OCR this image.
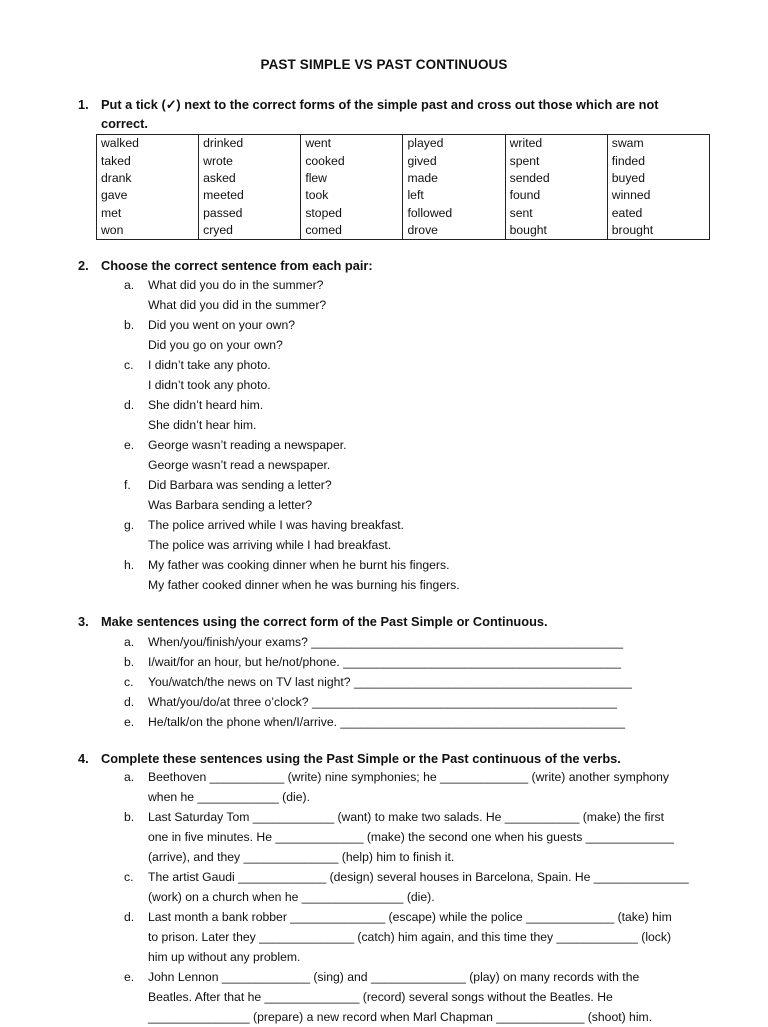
PAST SIMPLE VS PAST CONTINUOUS
1. Put a tick (✓) next to the correct forms of the simple past and cross out those which are not
correct.
walked	drinked	went	played	writed	swam
taked	wrote	cooked	gived	spent	finded
drank	asked	flew	made	sended	buyed
gave	meeted	took	left	found	winned
met	passed	stoped	followed	sent	eated
won	cryed	comed	drove	bought	brought
2. Choose the correct sentence from each pair:
a. What did you do in the summer?
What did you did in the summer?
b. Did you went on your own?
Did you go on your own?
c. I didn’t take any photo.
I didn’t took any photo.
d. She didn’t heard him.
She didn’t hear him.
e. George wasn’t reading a newspaper.
George wasn’t read a newspaper.
f. Did Barbara was sending a letter?
Was Barbara sending a letter?
g. The police arrived while I was having breakfast.
The police was arriving while I had breakfast.
h. My father was cooking dinner when he burnt his fingers.
My father cooked dinner when he was burning his fingers.
3. Make sentences using the correct form of the Past Simple or Continuous.
a. When/you/finish/your exams? ______________________________________________
b. I/wait/for an hour, but he/not/phone. _________________________________________
c. You/watch/the news on TV last night? _________________________________________
d. What/you/do/at three o’clock? _____________________________________________
e. He/talk/on the phone when/I/arrive. __________________________________________
4. Complete these sentences using the Past Simple or the Past continuous of the verbs.
a. Beethoven ___________ (write) nine symphonies; he _____________ (write) another symphony
when he ____________ (die).
b. Last Saturday Tom ____________ (want) to make two salads. He ___________ (make) the first
one in five minutes. He _____________ (make) the second one when his guests _____________
(arrive), and they ______________ (help) him to finish it.
c. The artist Gaudi _____________ (design) several houses in Barcelona, Spain. He ______________
(work) on a church when he _______________ (die).
d. Last month a bank robber ______________ (escape) while the police _____________ (take) him
to prison. Later they ______________ (catch) him again, and this time they ____________ (lock)
him up without any problem.
e. John Lennon _____________ (sing) and ______________ (play) on many records with the
Beatles. After that he ______________ (record) several songs without the Beatles. He
_______________ (prepare) a new record when Marl Chapman _____________ (shoot) him.
